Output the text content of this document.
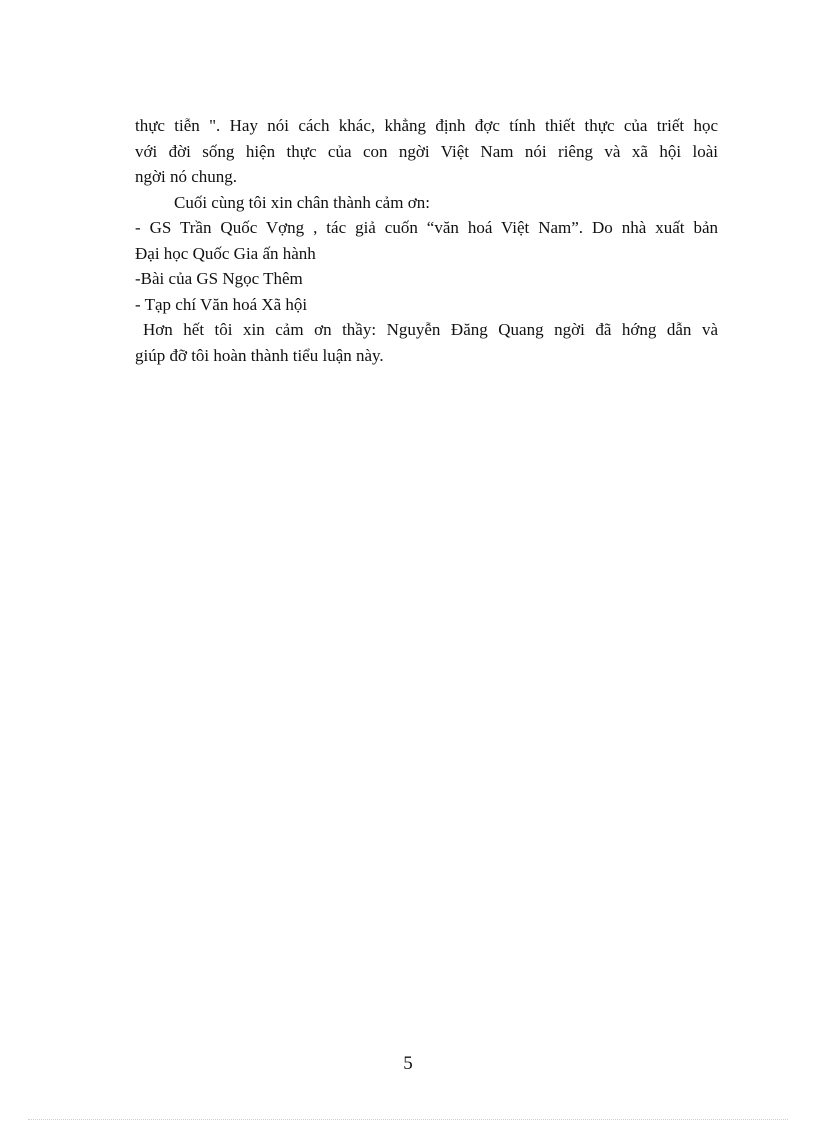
thực tiễn ". Hay nói cách khác, khẳng định đợc tính thiết thực của triết học

với đời sống hiện thực của con ngời Việt Nam nói riêng và xã hội loài

ngời nó chung.

Cuối cùng tôi xin chân thành cảm ơn:

- GS Trần Quốc Vợng , tác giả cuốn “văn hoá Việt Nam”. Do nhà xuất bản

Đại học Quốc Gia ấn hành

-Bài của GS Ngọc Thêm

- Tạp chí Văn hoá Xã hội

Hơn hết tôi xin cảm ơn thầy: Nguyễn Đăng Quang ngời đã hớng dẫn và

giúp đỡ tôi hoàn thành tiểu luận này.

5
